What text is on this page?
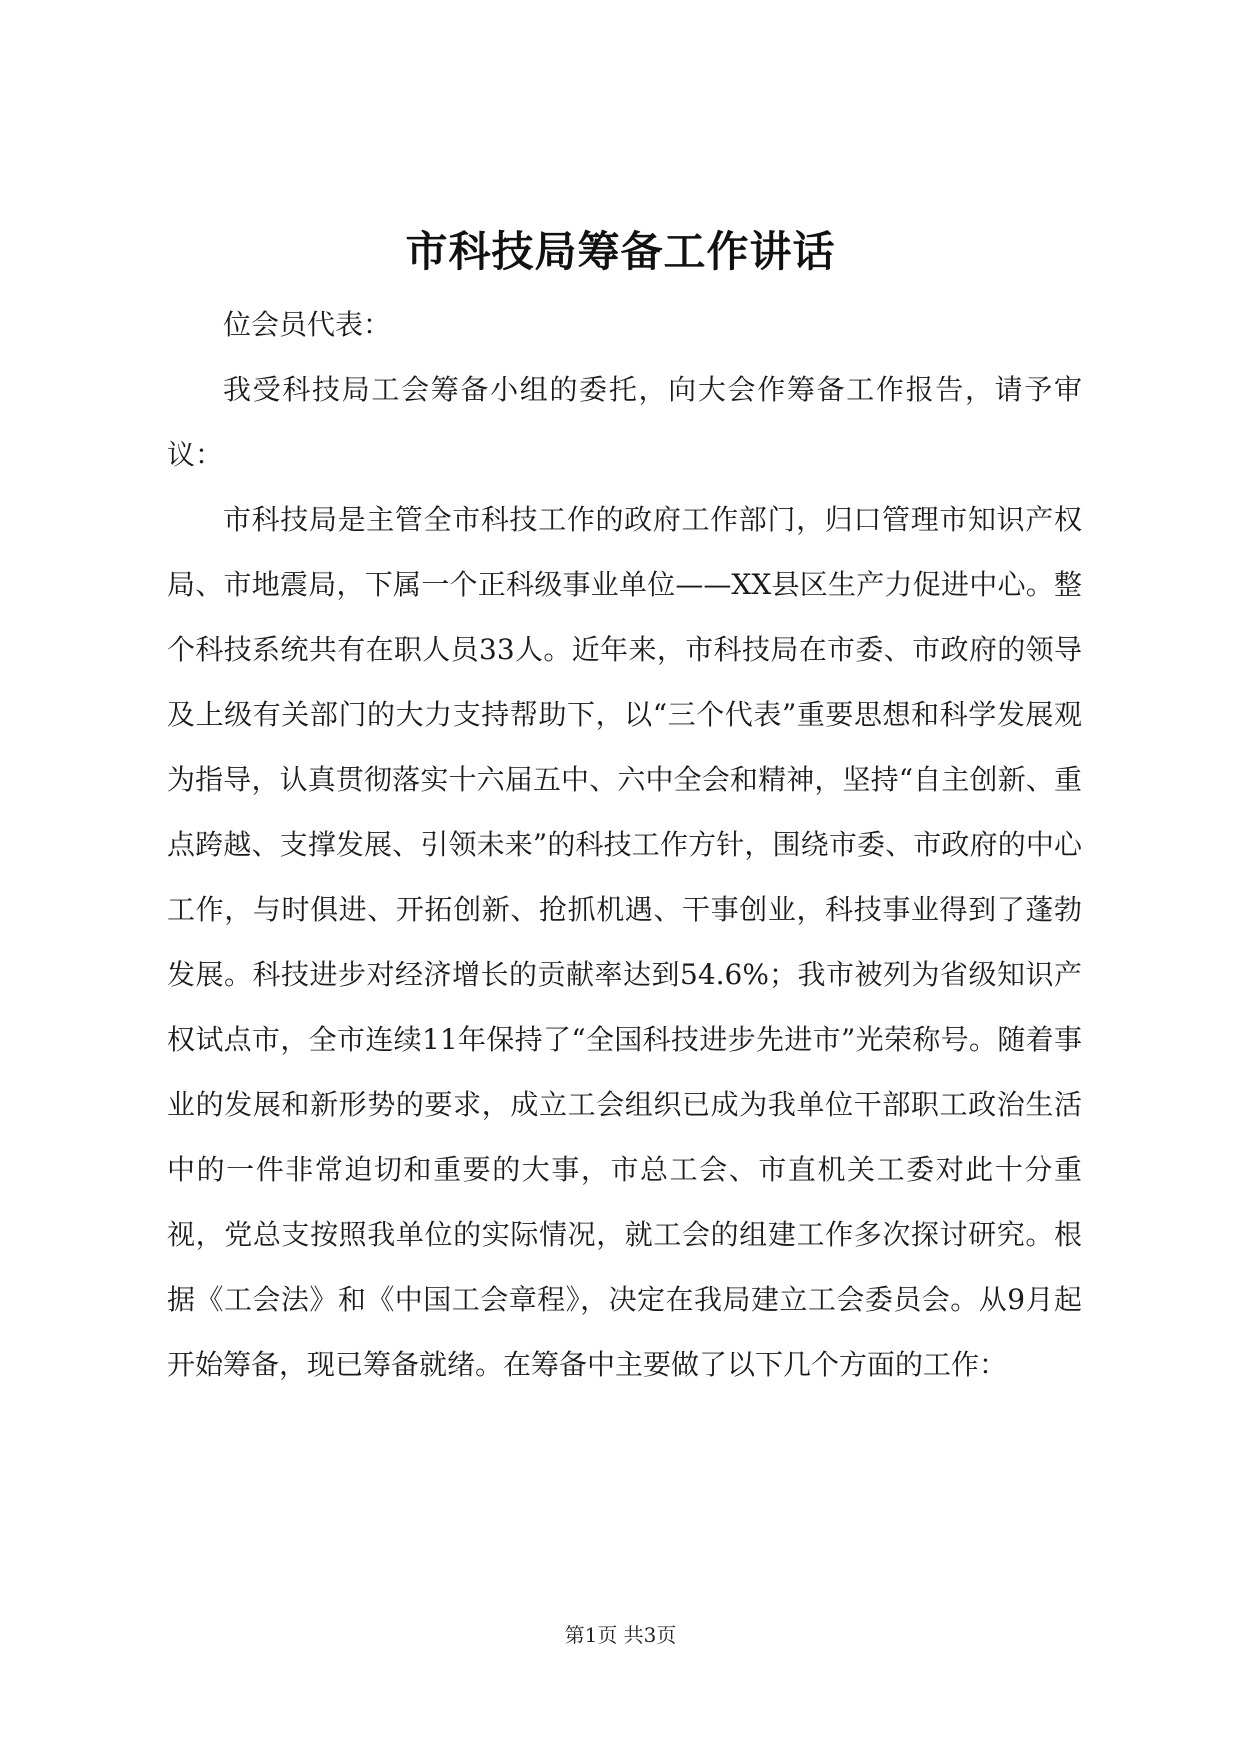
市科技局筹备工作讲话

位会员代表：

我受科技局工会筹备小组的委托，向大会作筹备工作报告，请予审议：

市科技局是主管全市科技工作的政府工作部门，归口管理市知识产权局、市地震局，下属一个正科级事业单位——XX县区生产力促进中心。整个科技系统共有在职人员33人。近年来，市科技局在市委、市政府的领导及上级有关部门的大力支持帮助下，以“三个代表”重要思想和科学发展观为指导，认真贯彻落实十六届五中、六中全会和精神，坚持“自主创新、重点跨越、支撑发展、引领未来”的科技工作方针，围绕市委、市政府的中心工作，与时俱进、开拓创新、抢抓机遇、干事创业，科技事业得到了蓬勃发展。科技进步对经济增长的贡献率达到54.6%；我市被列为省级知识产权试点市，全市连续11年保持了“全国科技进步先进市”光荣称号。随着事业的发展和新形势的要求，成立工会组织已成为我单位干部职工政治生活中的一件非常迫切和重要的大事，市总工会、市直机关工委对此十分重视，党总支按照我单位的实际情况，就工会的组建工作多次探讨研究。根据《工会法》和《中国工会章程》，决定在我局建立工会委员会。从9月起开始筹备，现已筹备就绪。在筹备中主要做了以下几个方面的工作：

第1页 共3页
